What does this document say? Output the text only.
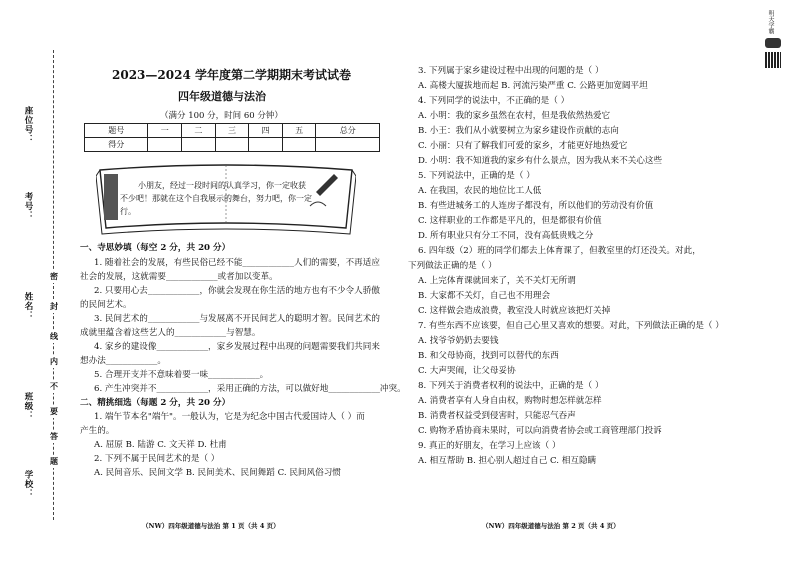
座位号：
考号：
姓名：
班级：
学校：
密
封
线
内
不
要
答
题
2023—2024 学年度第二学期期末考试试卷
四年级道德与法治
（满分 100 分，时间 60 分钟）
题号	一	二	三	四	五	总分
得分						
小朋友，经过一段时间的认真学习，你一定收获
不少吧！那就在这个自我展示的舞台，努力吧，你一定
行。
一、寺思妙填（每空 2 分，共 20 分）
1. 随着社会的发展，有些民俗已经不能____________人们的需要，不再适应
社会的发展，这就需要____________或者加以变革。
2. 只要用心去____________，你就会发现在你生活的地方也有不少令人骄傲
的民间艺术。
3. 民间艺术的____________与发展离不开民间艺人的聪明才智。民间艺术的
成就里蕴含着这些艺人的____________与智慧。
4. 家乡的建设像____________，家乡发展过程中出现的问题需要我们共同来
想办法____________。
5. 合理开支并不意味着要一味____________。
6. 产生冲突并不____________，采用正确的方法，可以做好地____________冲突。
二、精挑细选（每题 2 分，共 20 分）
1. 端午节本名"端午"。一般认为，它是为纪念中国古代爱国诗人（ ）而
产生的。
A. 屈原 B. 陆游 C. 文天祥 D. 杜甫
2. 下列不属于民间艺术的是（ ）
A. 民间音乐、民间文学 B. 民间美术、民间舞蹈 C. 民间风俗习惯
3. 下列属于家乡建设过程中出现的问题的是（ ）
A. 高楼大厦拔地而起 B. 河流污染严重 C. 公路更加宽阔平坦
4. 下列同学的说法中，不正确的是（ ）
A. 小明：我的家乡虽然在农村，但是我依然热爱它
B. 小王：我们从小就要树立为家乡建设作贡献的志向
C. 小丽：只有了解我们可爱的家乡，才能更好地热爱它
D. 小明：我不知道我的家乡有什么景点，因为我从来不关心这些
5. 下列说法中，正确的是（ ）
A. 在我国，农民的地位比工人低
B. 有些进城务工的人连房子都没有，所以他们的劳动没有价值
C. 这样职业的工作都是平凡的，但是都很有价值
D. 所有职业只有分工不同，没有高低贵贱之分
6. 四年级（2）班的同学们都去上体育课了，但教室里的灯还没关。对此，
下列做法正确的是（ ）
A. 上完体育课就回来了，关不关灯无所谓
B. 大家都不关灯，自己也不用理会
C. 这样做会造成浪费，教室没人时就应该把灯关掉
7. 有些东西不应该要，但自己心里又喜欢的想要。对此，下列做法正确的是（ ）
A. 找爷爷奶奶去要钱
B. 和父母协商，找到可以替代的东西
C. 大声哭闹，让父母妥协
8. 下列关于消费者权利的说法中，正确的是（ ）
A. 消费者享有人身自由权，购物时想怎样就怎样
B. 消费者权益受到侵害时，只能忍气吞声
C. 购物矛盾协商未果时，可以向消费者协会或工商管理部门投诉
9. 真正的好朋友，在学习上应该（ ）
A. 相互帮助 B. 担心别人超过自己 C. 相互隐瞒
（NW）四年级道德与法治 第 1 页（共 4 页）	（NW）四年级道德与法治 第 2 页（共 4 页）
明天学霸
